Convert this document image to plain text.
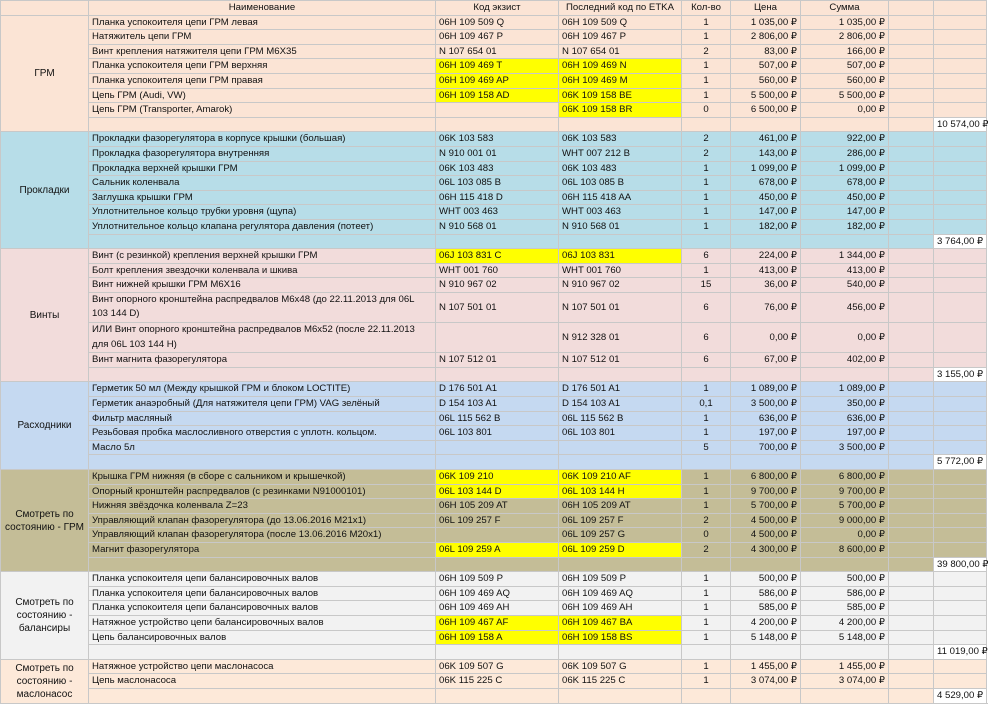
	Наименование	Код экзист	Последний код по ETKA	Кол-во	Цена	Сумма		
ГРМ	Планка успокоителя цепи ГРМ левая	06H 109 509 Q	06H 109 509 Q	1	1 035,00 ₽	1 035,00 ₽		
	Натяжитель цепи ГРМ	06H 109 467 P	06H 109 467 P	1	2 806,00 ₽	2 806,00 ₽		
	Винт крепления натяжителя цепи ГРМ M6X35	N 107 654 01	N 107 654 01	2	83,00 ₽	166,00 ₽		
	Планка успокоителя цепи ГРМ верхняя	06H 109 469 T	06H 109 469 N	1	507,00 ₽	507,00 ₽		
	Планка успокоителя цепи ГРМ правая	06H 109 469 AP	06H 109 469 M	1	560,00 ₽	560,00 ₽		
	Цепь ГРМ (Audi, VW)	06H 109 158 AD	06K 109 158 BE	1	5 500,00 ₽	5 500,00 ₽		
	Цепь ГРМ (Transporter, Amarok)		06K 109 158 BR	0	6 500,00 ₽	0,00 ₽		
								10 574,00 ₽
Прокладки	Прокладки фазорегулятора в корпусе крышки (большая)	06K 103 583	06K 103 583	2	461,00 ₽	922,00 ₽		
	Прокладка фазорегулятора внутренняя	N 910 001 01	WHT 007 212 B	2	143,00 ₽	286,00 ₽		
	Прокладка верхней крышки ГРМ	06K 103 483	06K 103 483	1	1 099,00 ₽	1 099,00 ₽		
	Сальник коленвала	06L 103 085 B	06L 103 085 B	1	678,00 ₽	678,00 ₽		
	Заглушка крышки ГРМ	06H 115 418 D	06H 115 418 AA	1	450,00 ₽	450,00 ₽		
	Уплотнительное кольцо трубки уровня (щупа)	WHT 003 463	WHT 003 463	1	147,00 ₽	147,00 ₽		
	Уплотнительное кольцо клапана регулятора давления (потеет)	N 910 568 01	N 910 568 01	1	182,00 ₽	182,00 ₽		
								3 764,00 ₽
Винты	Винт (с резинкой) крепления верхней крышки ГРМ	06J 103 831 C	06J 103 831	6	224,00 ₽	1 344,00 ₽		
	Болт крепления звездочки коленвала и шкива	WHT 001 760	WHT 001 760	1	413,00 ₽	413,00 ₽		
	Винт нижней крышки ГРМ M6X16	N 910 967 02	N 910 967 02	15	36,00 ₽	540,00 ₽		
	Винт опорного кронштейна распредвалов M6x48 (до 22.11.2013 для 06L 103 144 D)	N 107 501 01	N 107 501 01	6	76,00 ₽	456,00 ₽		
	ИЛИ Винт опорного кронштейна распредвалов M6x52 (после 22.11.2013 для 06L 103 144 H)		N 912 328 01	6	0,00 ₽	0,00 ₽		
	Винт магнита фазорегулятора	N 107 512 01	N 107 512 01	6	67,00 ₽	402,00 ₽		
								3 155,00 ₽
Расходники	Герметик 50 мл (Между крышкой ГРМ и блоком LOCTITE)	D 176 501 A1	D 176 501 A1	1	1 089,00 ₽	1 089,00 ₽		
	Герметик анаэробный (Для натяжителя цепи ГРМ) VAG зелёный	D 154 103 A1	D 154 103 A1	0,1	3 500,00 ₽	350,00 ₽		
	Фильтр масляный	06L 115 562 B	06L 115 562 B	1	636,00 ₽	636,00 ₽		
	Резьбовая пробка маслосливного отверстия с уплотн. кольцом.	06L 103 801	06L 103 801	1	197,00 ₽	197,00 ₽		
	Масло 5л			5	700,00 ₽	3 500,00 ₽		
								5 772,00 ₽
Смотреть по состоянию - ГРМ	Крышка ГРМ нижняя (в сборе с сальником и крышечкой)	06K 109 210	06K 109 210 AF	1	6 800,00 ₽	6 800,00 ₽		
	Опорный кронштейн распредвалов (с резинками N91000101)	06L 103 144 D	06L 103 144 H	1	9 700,00 ₽	9 700,00 ₽		
	Нижняя звёздочка коленвала Z=23	06H 105 209 AT	06H 105 209 AT	1	5 700,00 ₽	5 700,00 ₽		
	Управляющий клапан фазорегулятора (до 13.06.2016 M21x1)	06L 109 257 F	06L 109 257 F	2	4 500,00 ₽	9 000,00 ₽		
	Управляющий клапан фазорегулятора (после 13.06.2016 M20x1)		06L 109 257 G	0	4 500,00 ₽	0,00 ₽		
	Магнит фазорегулятора	06L 109 259 A	06L 109 259 D	2	4 300,00 ₽	8 600,00 ₽		
								39 800,00 ₽
Смотреть по состоянию - балансиры	Планка успокоителя цепи балансировочных валов	06H 109 509 P	06H 109 509 P	1	500,00 ₽	500,00 ₽		
	Планка успокоителя цепи балансировочных валов	06H 109 469 AQ	06H 109 469 AQ	1	586,00 ₽	586,00 ₽		
	Планка успокоителя цепи балансировочных валов	06H 109 469 AH	06H 109 469 AH	1	585,00 ₽	585,00 ₽		
	Натяжное устройство цепи балансировочных валов	06H 109 467 AF	06H 109 467 BA	1	4 200,00 ₽	4 200,00 ₽		
	Цепь балансировочных валов	06H 109 158 A	06H 109 158 BS	1	5 148,00 ₽	5 148,00 ₽		
								11 019,00 ₽
Смотреть по состоянию - маслонасос	Натяжное устройство цепи маслонасоса	06K 109 507 G	06K 109 507 G	1	1 455,00 ₽	1 455,00 ₽		
	Цепь маслонасоса	06K 115 225 C	06K 115 225 C	1	3 074,00 ₽	3 074,00 ₽		
								4 529,00 ₽
